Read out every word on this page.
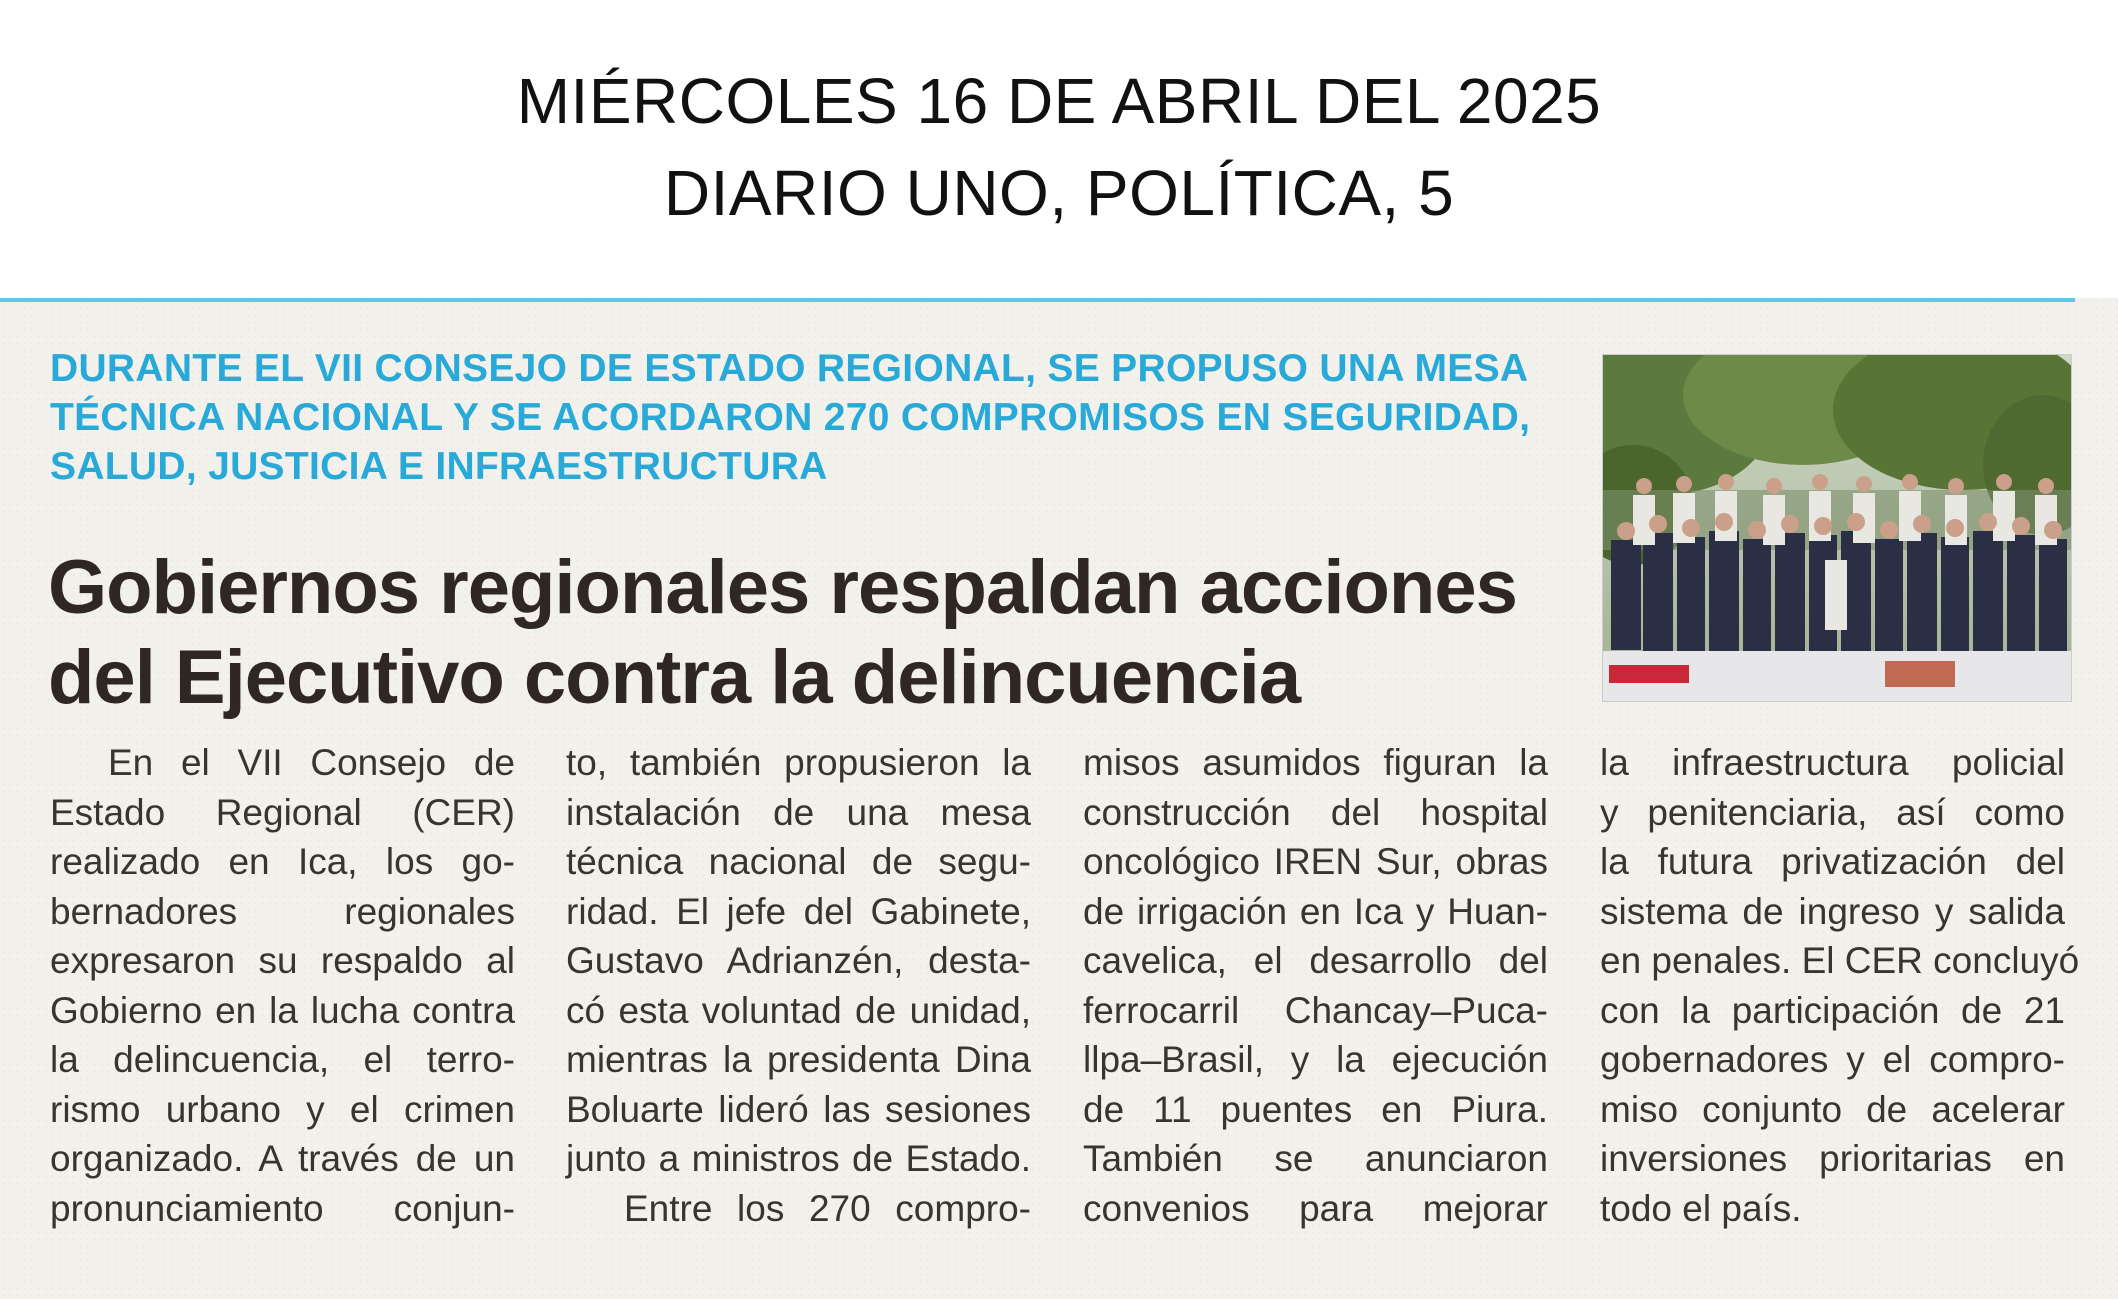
MIÉRCOLES 16 DE ABRIL DEL 2025
DIARIO UNO, POLÍTICA, 5
DURANTE EL VII CONSEJO DE ESTADO REGIONAL, SE PROPUSO UNA MESA
TÉCNICA NACIONAL Y SE ACORDARON 270 COMPROMISOS EN SEGURIDAD,
SALUD, JUSTICIA E INFRAESTRUCTURA
Gobiernos regionales respaldan acciones
del Ejecutivo contra la delincuencia
En el VII Consejo de
Estado Regional (CER)
realizado en Ica, los go-
bernadores regionales
expresaron su respaldo al
Gobierno en la lucha contra
la delincuencia, el terro-
rismo urbano y el crimen
organizado. A través de un
pronunciamiento conjun-
to, también propusieron la
instalación de una mesa
técnica nacional de segu-
ridad. El jefe del Gabinete,
Gustavo Adrianzén, desta-
có esta voluntad de unidad,
mientras la presidenta Dina
Boluarte lideró las sesiones
junto a ministros de Estado.
Entre los 270 compro-
misos asumidos figuran la
construcción del hospital
oncológico IREN Sur, obras
de irrigación en Ica y Huan-
cavelica, el desarrollo del
ferrocarril Chancay–Puca-
llpa–Brasil, y la ejecución
de 11 puentes en Piura.
También se anunciaron
convenios para mejorar
la infraestructura policial
y penitenciaria, así como
la futura privatización del
sistema de ingreso y salida
en penales. El CER concluyó
con la participación de 21
gobernadores y el compro-
miso conjunto de acelerar
inversiones prioritarias en
todo el país.
